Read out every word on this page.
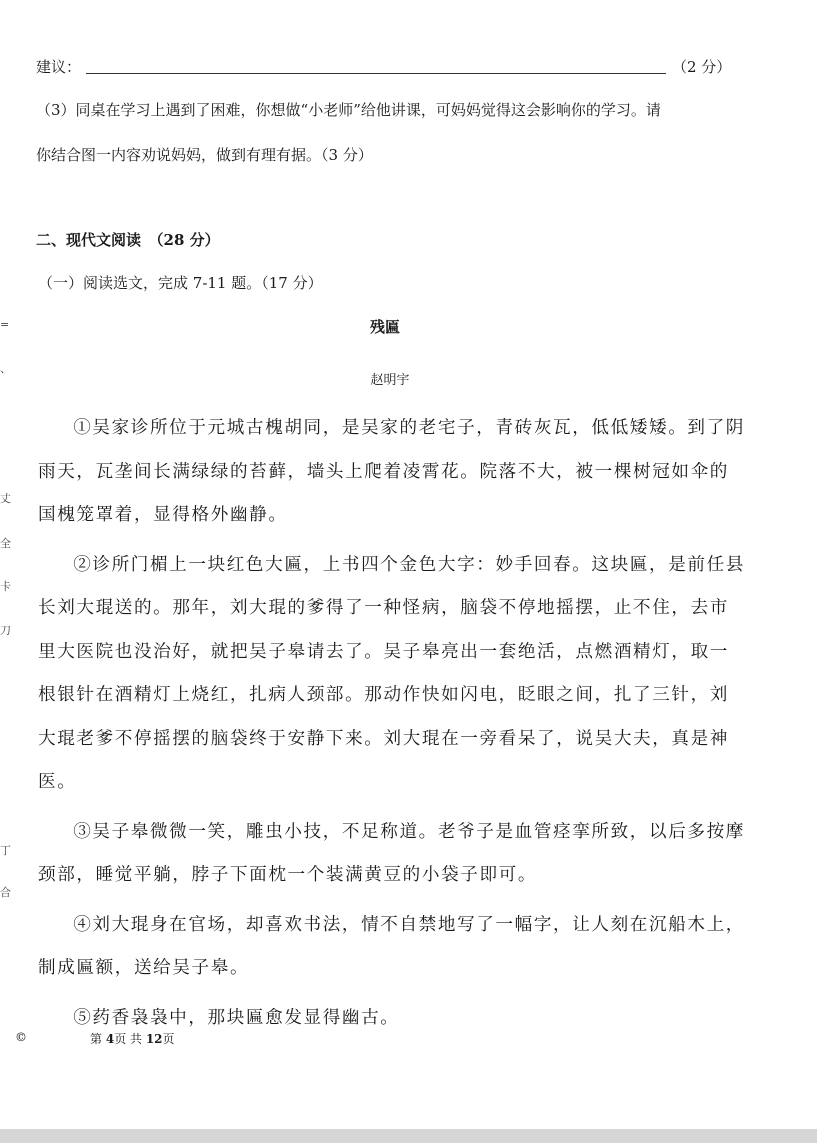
=
、
丈
全
卡
刀
丁
合
建议：	（2 分）
（3）同桌在学习上遇到了困难，你想做“小老师”给他讲课，可妈妈觉得这会影响你的学习。请
你结合图一内容劝说妈妈，做到有理有据。（3 分）
二、现代文阅读　（28 分）
（一）阅读选文，完成 7-11 题。（17 分）
残匾
赵明宇

①吴家诊所位于元城古槐胡同，是吴家的老宅子，青砖灰瓦，低低矮矮。到了阴雨天，瓦垄间长满绿绿的苔藓，墙头上爬着凌霄花。院落不大，被一棵树冠如伞的国槐笼罩着，显得格外幽静。

②诊所门楣上一块红色大匾，上书四个金色大字：妙手回春。这块匾，是前任县长刘大琨送的。那年，刘大琨的爹得了一种怪病，脑袋不停地摇摆，止不住，去市里大医院也没治好，就把吴子皋请去了。吴子皋亮出一套绝活，点燃酒精灯，取一根银针在酒精灯上烧红，扎病人颈部。那动作快如闪电，眨眼之间，扎了三针，刘大琨老爹不停摇摆的脑袋终于安静下来。刘大琨在一旁看呆了，说吴大夫，真是神医。

③吴子皋微微一笑，雕虫小技，不足称道。老爷子是血管痉挛所致，以后多按摩颈部，睡觉平躺，脖子下面枕一个装满黄豆的小袋子即可。

④刘大琨身在官场，却喜欢书法，情不自禁地写了一幅字，让人刻在沉船木上，制成匾额，送给吴子皋。

⑤药香袅袅中，那块匾愈发显得幽古。

©	第 4页 共 12页
